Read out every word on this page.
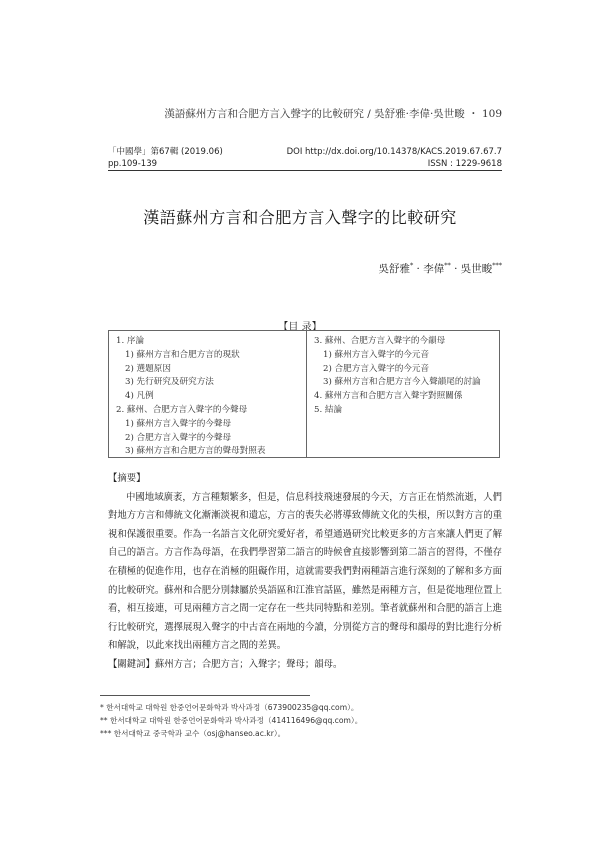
漢語蘇州方言和合肥方言入聲字的比較研究 / 吳舒雅·李偉·吳世畯 ・ 109
「中國學」第67輯 (2019.06)	DOI http://dx.doi.org/10.14378/KACS.2019.67.67.7
pp.109-139	ISSN : 1229-9618
漢語蘇州方言和合肥方言入聲字的比較研究
吳舒雅* · 李偉** · 吳世畯***
【目 录】
1. 序論
1) 蘇州方言和合肥方言的現狀
2) 選題原因
3) 先行研究及研究方法
4) 凡例
2. 蘇州、合肥方言入聲字的今聲母
1) 蘇州方言入聲字的今聲母
2) 合肥方言入聲字的今聲母
3) 蘇州方言和合肥方言的聲母對照表
3. 蘇州、合肥方言入聲字的今韻母
1) 蘇州方言入聲字的今元音
2) 合肥方言入聲字的今元音
3) 蘇州方言和合肥方言今入聲韻尾的討論
4. 蘇州方言和合肥方言入聲字對照關係
5. 結論
【摘要】

中國地域廣袤，方言種類繁多，但是，信息科技飛速發展的今天，方言正在悄然流逝，人們對地方方言和傳統文化漸漸淡視和遺忘，方言的喪失必將導致傳統文化的失根，所以對方言的重視和保護很重要。作為一名語言文化研究愛好者，希望通過研究比較更多的方言來讓人們更了解自己的語言。方言作為母語，在我們學習第二語言的時候會直接影響到第二語言的習得，不僅存在積極的促進作用，也存在消極的阻礙作用，這就需要我們對兩種語言進行深刻的了解和多方面的比較研究。蘇州和合肥分別隸屬於吳語區和江淮官話區，雖然是兩種方言，但是從地理位置上看，相互接連，可見兩種方言之間一定存在一些共同特點和差別。筆者就蘇州和合肥的語言上進行比較研究，選擇展現入聲字的中古音在兩地的今讀，分別從方言的聲母和韻母的對比進行分析和解說，以此來找出兩種方言之間的差異。

【關鍵詞】蘇州方言；合肥方言；入聲字；聲母；韻母。
* 한서대학교 대학원 한중언어문화학과 박사과정（673900235@qq.com）。
** 한서대학교 대학원 한중언어문화학과 박사과정（414116496@qq.com）。
*** 한서대학교 중국학과 교수（osj@hanseo.ac.kr）。
